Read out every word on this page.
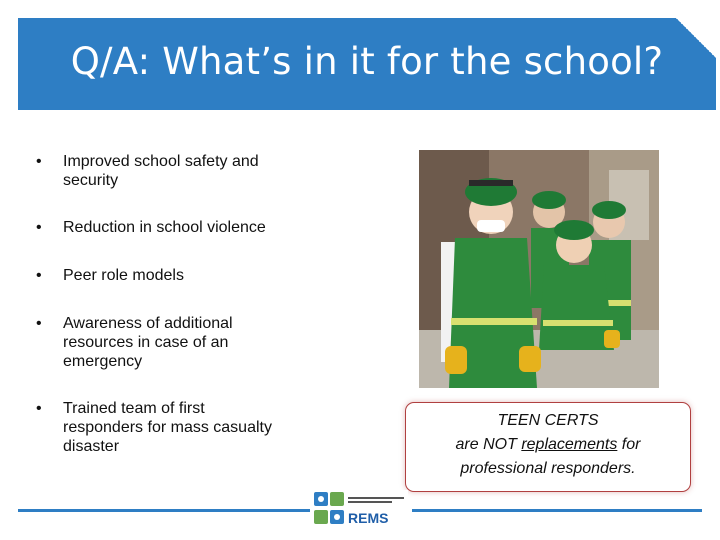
Q/A: What’s in it for the school?
• Improved school safety and
security
• Reduction in school violence
• Peer role models
• Awareness of additional
resources in case of an
emergency
• Trained team of first
responders for mass casualty
disaster
TEEN CERTS
are NOT replacements for
professional responders.
REMS
